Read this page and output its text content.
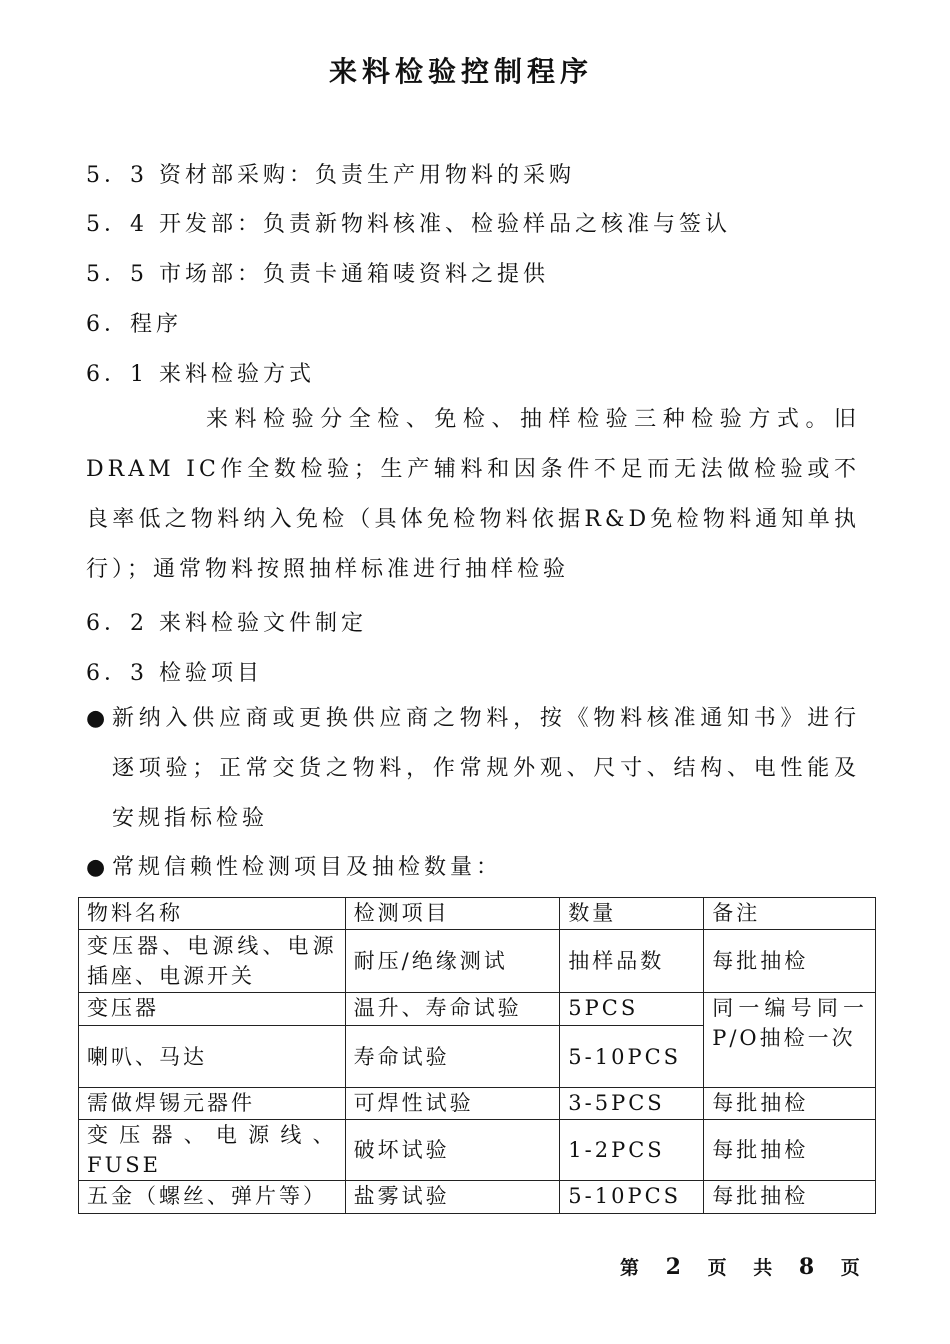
来料检验控制程序
5．3 资材部采购：负责生产用物料的采购
5．4 开发部：负责新物料核准、检验样品之核准与签认
5．5 市场部：负责卡通箱唛资料之提供
6．程序
6．1 来料检验方式
来料检验分全检、免检、抽样检验三种检验方式。旧DRAM IC作全数检验；生产辅料和因条件不足而无法做检验或不良率低之物料纳入免检（具体免检物料依据R&D免检物料通知单执行）；通常物料按照抽样标准进行抽样检验
6．2 来料检验文件制定
6．3 检验项目
● 新纳入供应商或更换供应商之物料，按《物料核准通知书》进行逐项验；正常交货之物料，作常规外观、尺寸、结构、电性能及安规指标检验
● 常规信赖性检测项目及抽检数量：
物料名称	检测项目	数量	备注
变压器、电源线、电源插座、电源开关	耐压/绝缘测试	抽样品数	每批抽检
变压器	温升、寿命试验	5PCS	同一编号同一P/O抽检一次
喇叭、马达	寿命试验	5-10PCS	
需做焊锡元器件	可焊性试验	3-5PCS	每批抽检
变压器、电源线、FUSE	破坏试验	1-2PCS	每批抽检
五金（螺丝、弹片等）	盐雾试验	5-10PCS	每批抽检
第 2 页 共 8 页
